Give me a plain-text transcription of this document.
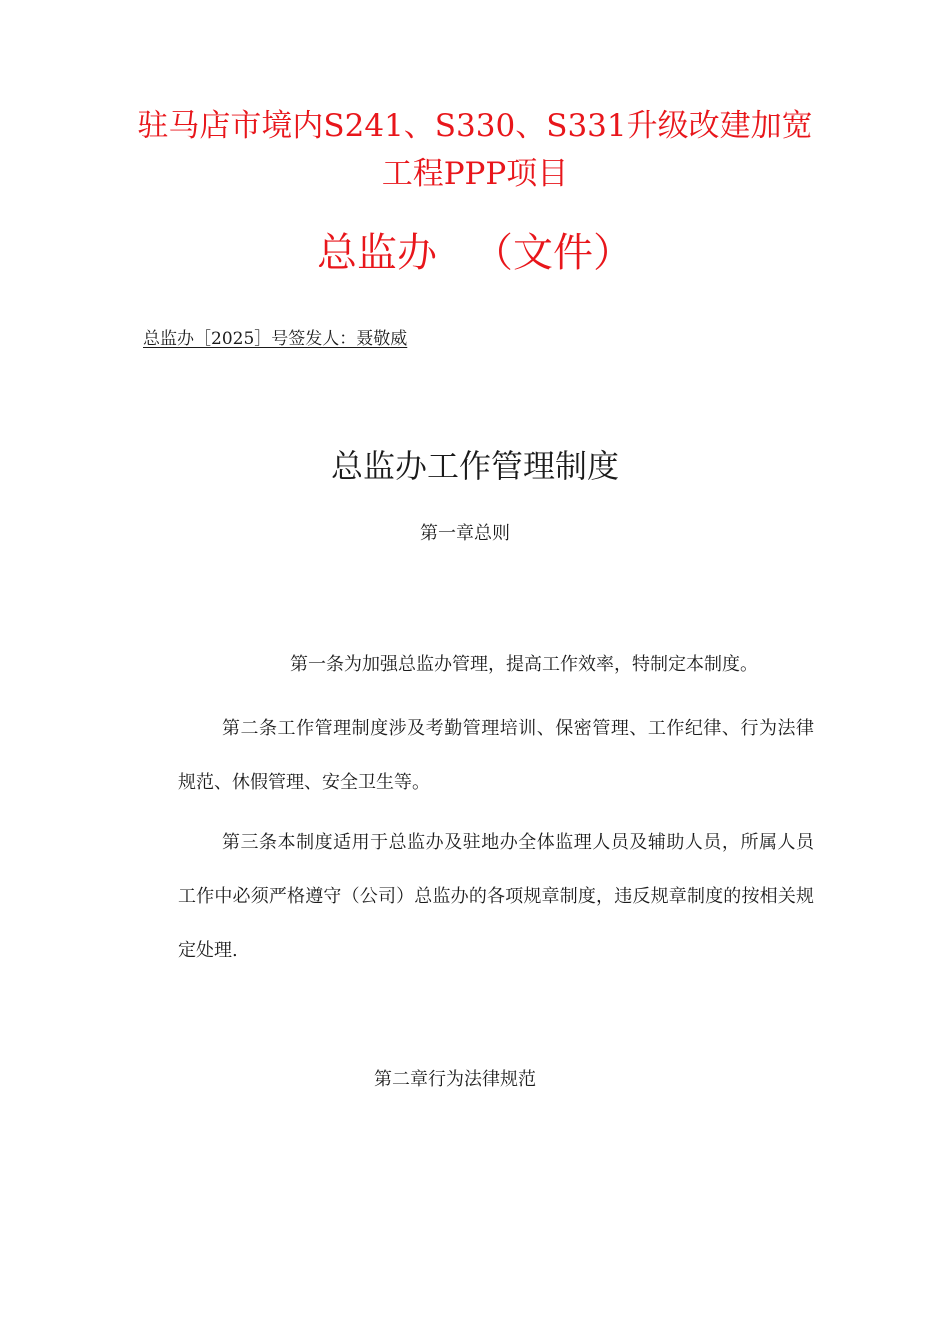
驻马店市境内S241、S330、S331升级改建加宽
工程PPP项目
总监办 （文件）
总监办［2025］号签发人：聂敬威
总监办工作管理制度
第一章总则
第一条为加强总监办管理，提高工作效率，特制定本制度。
第二条工作管理制度涉及考勤管理培训、保密管理、工作纪律、行为法律规范、休假管理、安全卫生等。
第三条本制度适用于总监办及驻地办全体监理人员及辅助人员，所属人员工作中必须严格遵守（公司）总监办的各项规章制度，违反规章制度的按相关规定处理.
第二章行为法律规范
